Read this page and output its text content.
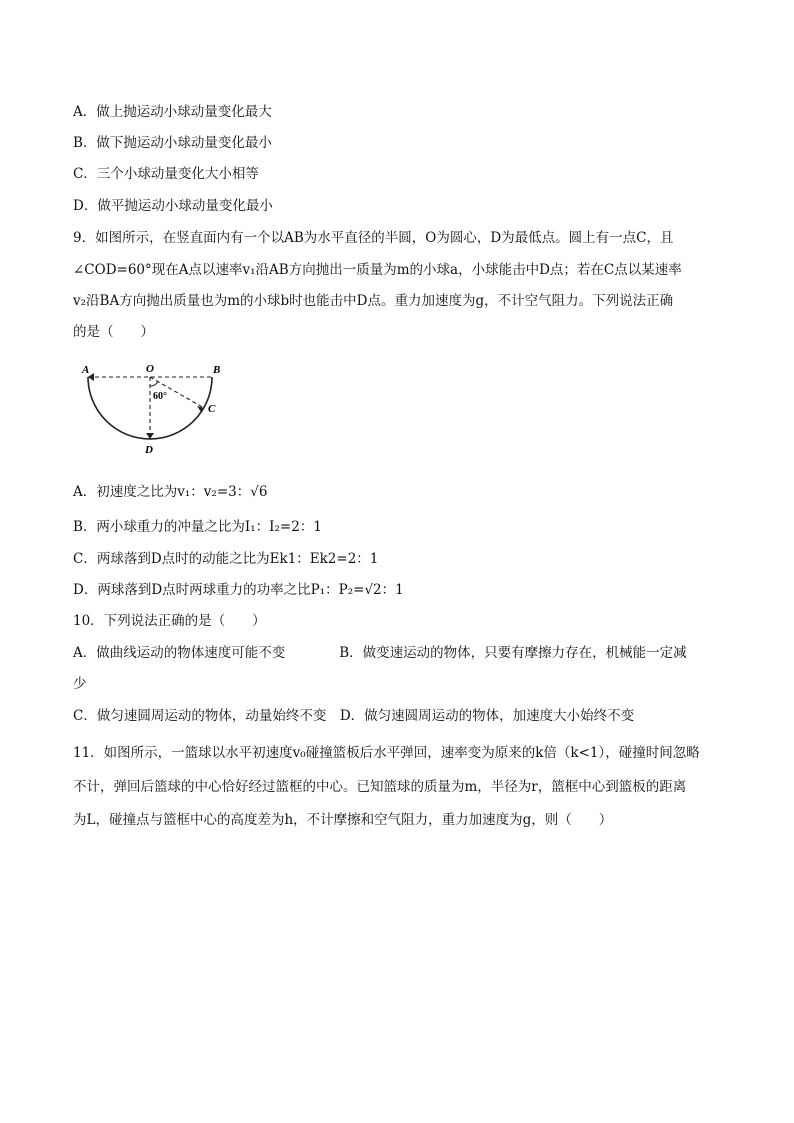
A．做上抛运动小球动量变化最大
B．做下抛运动小球动量变化最小
C．三个小球动量变化大小相等
D．做平抛运动小球动量变化最小
9．如图所示，在竖直面内有一个以AB为水平直径的半圆，O为圆心，D为最低点。圆上有一点C，且
∠COD=60°现在A点以速率v₁沿AB方向抛出一质量为m的小球a，小球能击中D点；若在C点以某速率
v₂沿BA方向抛出质量也为m的小球b时也能击中D点。重力加速度为g，不计空气阻力。下列说法正确
的是（　　）
A	O	B
C
D
60°
A．初速度之比为v₁：v₂=3：√6
B．两小球重力的冲量之比为I₁：I₂=2：1
C．两球落到D点时的动能之比为Ek1：Ek2=2：1
D．两球落到D点时两球重力的功率之比P₁：P₂=√2：1
10．下列说法正确的是（　　）
A．做曲线运动的物体速度可能不变　　　　B．做变速运动的物体，只要有摩擦力存在，机械能一定减
少
C．做匀速圆周运动的物体，动量始终不变　D．做匀速圆周运动的物体，加速度大小始终不变
11．如图所示，一篮球以水平初速度v₀碰撞篮板后水平弹回，速率变为原来的k倍（k<1），碰撞时间忽略
不计，弹回后篮球的中心恰好经过篮框的中心。已知篮球的质量为m，半径为r，篮框中心到篮板的距离
为L，碰撞点与篮框中心的高度差为h，不计摩擦和空气阻力，重力加速度为g，则（　　）
